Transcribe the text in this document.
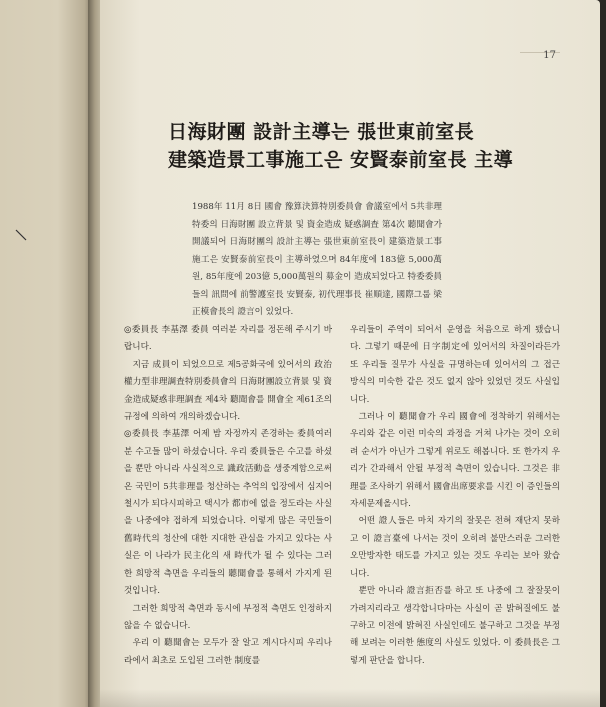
17
日海財團 設計主導는 張世東前室長
建築造景工事施工은 安賢泰前室長 主導
1988年 11月 8日 國會 豫算決算特別委員會 會議室에서 5共非理特委의 日海財團 設立背景 및 資金造成 疑惑調査 第4次 聽聞會가 開議되어 日海財團의 設計主導는 張世東前室長이 建築造景工事施工은 安賢泰前室長이 主導하였으며 84年度에 183億 5,000萬원, 85年度에 203億 5,000萬원의 募金이 造成되었다고 特委委員들의 訊問에 前警護室長 安賢泰, 初代理事長 崔順達, 國際그룹 梁正模會長의 證言이 있었다.

◎委員長 李基澤 委員 여러분 자리를 정돈해 주시기 바랍니다.

지금 成員이 되었으므로 제5공화국에 있어서의 政治權力型非理調査特別委員會의 日海財團設立背景 및 資金造成疑惑非理調査 제4차 聽聞會를 開會全 제61조의 규정에 의하여 개의하겠습니다.

◎委員長 李基澤 어제 밤 자정까지 존경하는 委員여러분 수고들 많이 하셨습니다. 우리 委員들은 수고를 하셨을 뿐만 아니라 사실적으로 識政活動을 생중계함으로써 온 국민이 5共非理를 청산하는 추억의 입장에서 심지어 철시가 되다시피하고 택시가 都市에 없을 정도라는 사실을 나중에야 접하게 되었습니다. 이렇게 많은 국민들이 舊時代의 청산에 대한 지대한 관심을 가지고 있다는 사실은 이 나라가 民主化의 새 時代가 될 수 있다는 그러한 희망적 측면을 우리들의 聽聞會를 통해서 가지게 된 것입니다.

그러한 희망적 측면과 동시에 부정적 측면도 인정하지 않을 수 없습니다.

우리 이 聽聞會는 모두가 잘 알고 계시다시피 우리나라에서 최초로 도입된 그러한 制度를

우리들이 주역이 되어서 운영을 처음으로 하게 됐습니다. 그렇기 때문에 日字制定에 있어서의 차질이라든가 또 우리들 질무가 사실을 규명하는데 있어서의 그 접근방식의 미숙한 같은 것도 없지 않아 있었던 것도 사실입니다.

그러나 이 聽聞會가 우리 國會에 정착하기 위해서는 우리와 같은 이런 미숙의 과정을 거쳐 나가는 것이 오히려 순서가 아닌가 그렇게 위로도 해봅니다. 또 한가지 우리가 간과해서 안될 부정적 측면이 있습니다. 그것은 非理를 조사하기 위해서 國會出席要求를 시킨 이 증인들의 자세문제올시다.

어떤 證人들은 마치 자기의 잘못은 전혀 재단지 못하고 이 證言臺에 나서는 것이 오히려 불만스러운 그러한 오만방자한 태도를 가지고 있는 것도 우리는 보아 왔습니다.

뿐만 아니라 證言拒否를 하고 또 나중에 그 잘잘못이 가려지리라고 생각합니다마는 사실이 곧 밝혀질에도 불구하고 이전에 밝혀진 사실인데도 불구하고 그것을 부정해 보려는 이러한 態度의 사실도 있었다. 이 委員長은 그렇게 판단을 합니다.
